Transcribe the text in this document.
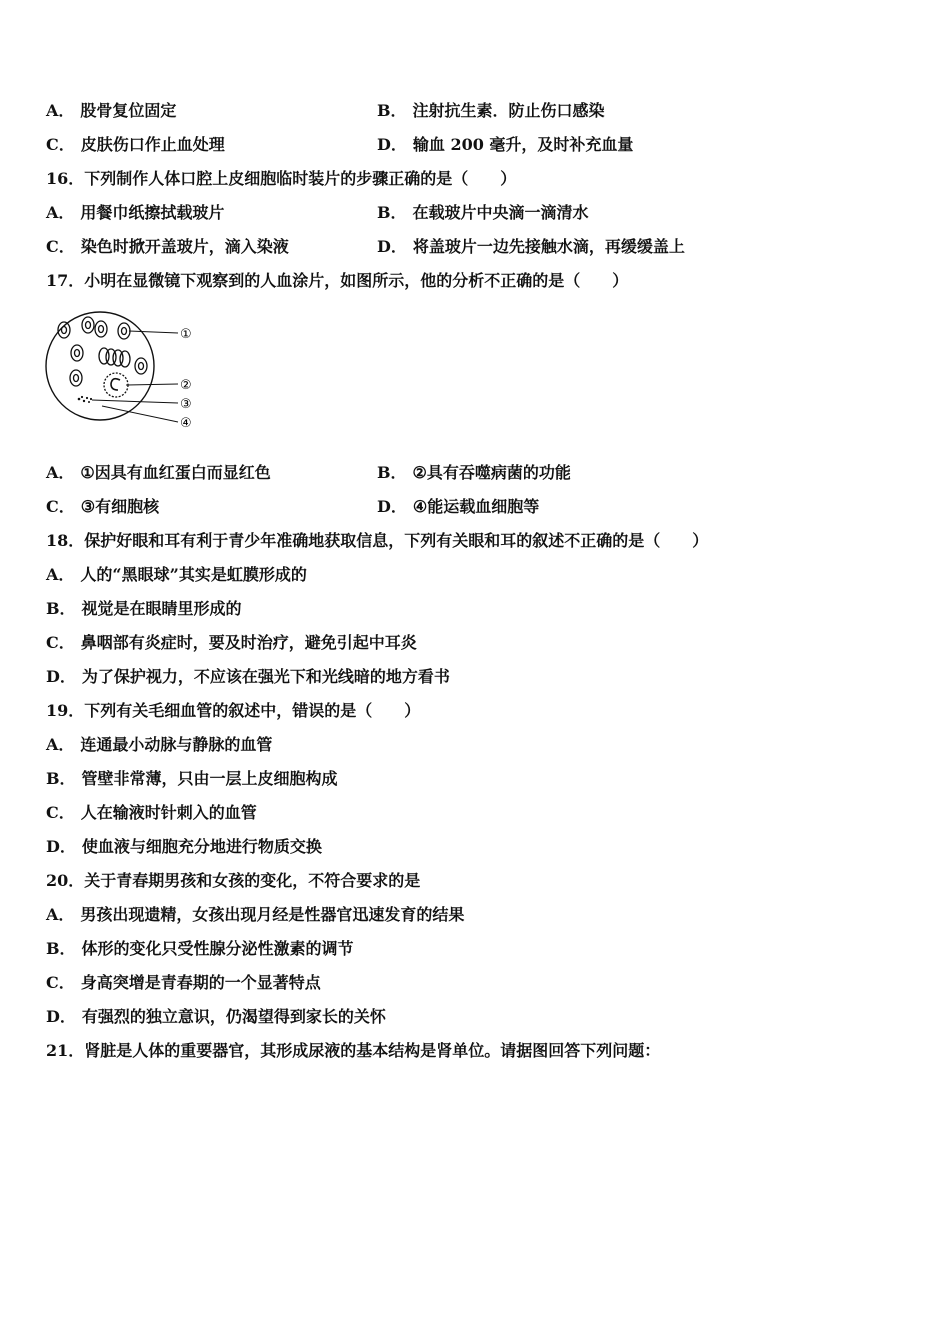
A． 股骨复位固定	B． 注射抗生素．防止伤口感染
C． 皮肤伤口作止血处理	D． 输血 200 毫升，及时补充血量
16．下列制作人体口腔上皮细胞临时装片的步骤正确的是（　　）
A． 用餐巾纸擦拭载玻片	B． 在载玻片中央滴一滴清水
C． 染色时掀开盖玻片，滴入染液	D． 将盖玻片一边先接触水滴，再缓缓盖上
17．小明在显微镜下观察到的人血涂片，如图所示，他的分析不正确的是（　　）
①
②
③
④
A． ①因具有血红蛋白而显红色	B． ②具有吞噬病菌的功能
C． ③有细胞核	D． ④能运载血细胞等
18．保护好眼和耳有利于青少年准确地获取信息，下列有关眼和耳的叙述不正确的是（　　）
A． 人的“黑眼球”其实是虹膜形成的
B． 视觉是在眼睛里形成的
C． 鼻咽部有炎症时，要及时治疗，避免引起中耳炎
D． 为了保护视力，不应该在强光下和光线暗的地方看书
19．下列有关毛细血管的叙述中，错误的是（　　）
A． 连通最小动脉与静脉的血管
B． 管壁非常薄，只由一层上皮细胞构成
C． 人在输液时针刺入的血管
D． 使血液与细胞充分地进行物质交换
20．关于青春期男孩和女孩的变化，不符合要求的是
A． 男孩出现遗精，女孩出现月经是性器官迅速发育的结果
B． 体形的变化只受性腺分泌性激素的调节
C． 身高突增是青春期的一个显著特点
D． 有强烈的独立意识，仍渴望得到家长的关怀
21．肾脏是人体的重要器官，其形成尿液的基本结构是肾单位。请据图回答下列问题：
